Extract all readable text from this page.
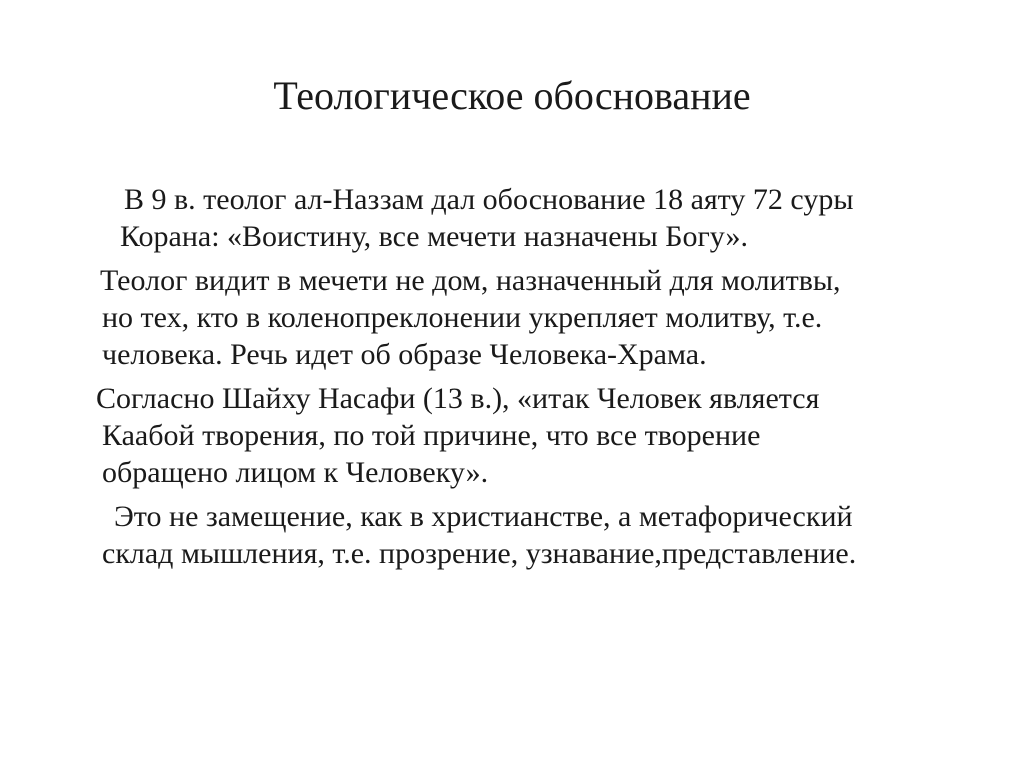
Теологическое обоснование

В 9 в. теолог ал-Наззам дал обоснование 18 аяту 72 суры
Корана: «Воистину, все мечети назначены Богу».

Теолог видит в мечети не дом, назначенный для молитвы,
но тех, кто в коленопреклонении укрепляет молитву, т.е.
человека. Речь идет об образе Человека-Храма.

Согласно Шайху Насафи (13 в.), «итак Человек является
Каабой творения, по той причине, что все творение
обращено лицом к Человеку».

Это не замещение, как в христианстве, а метафорический
склад мышления, т.е. прозрение, узнавание,представление.
